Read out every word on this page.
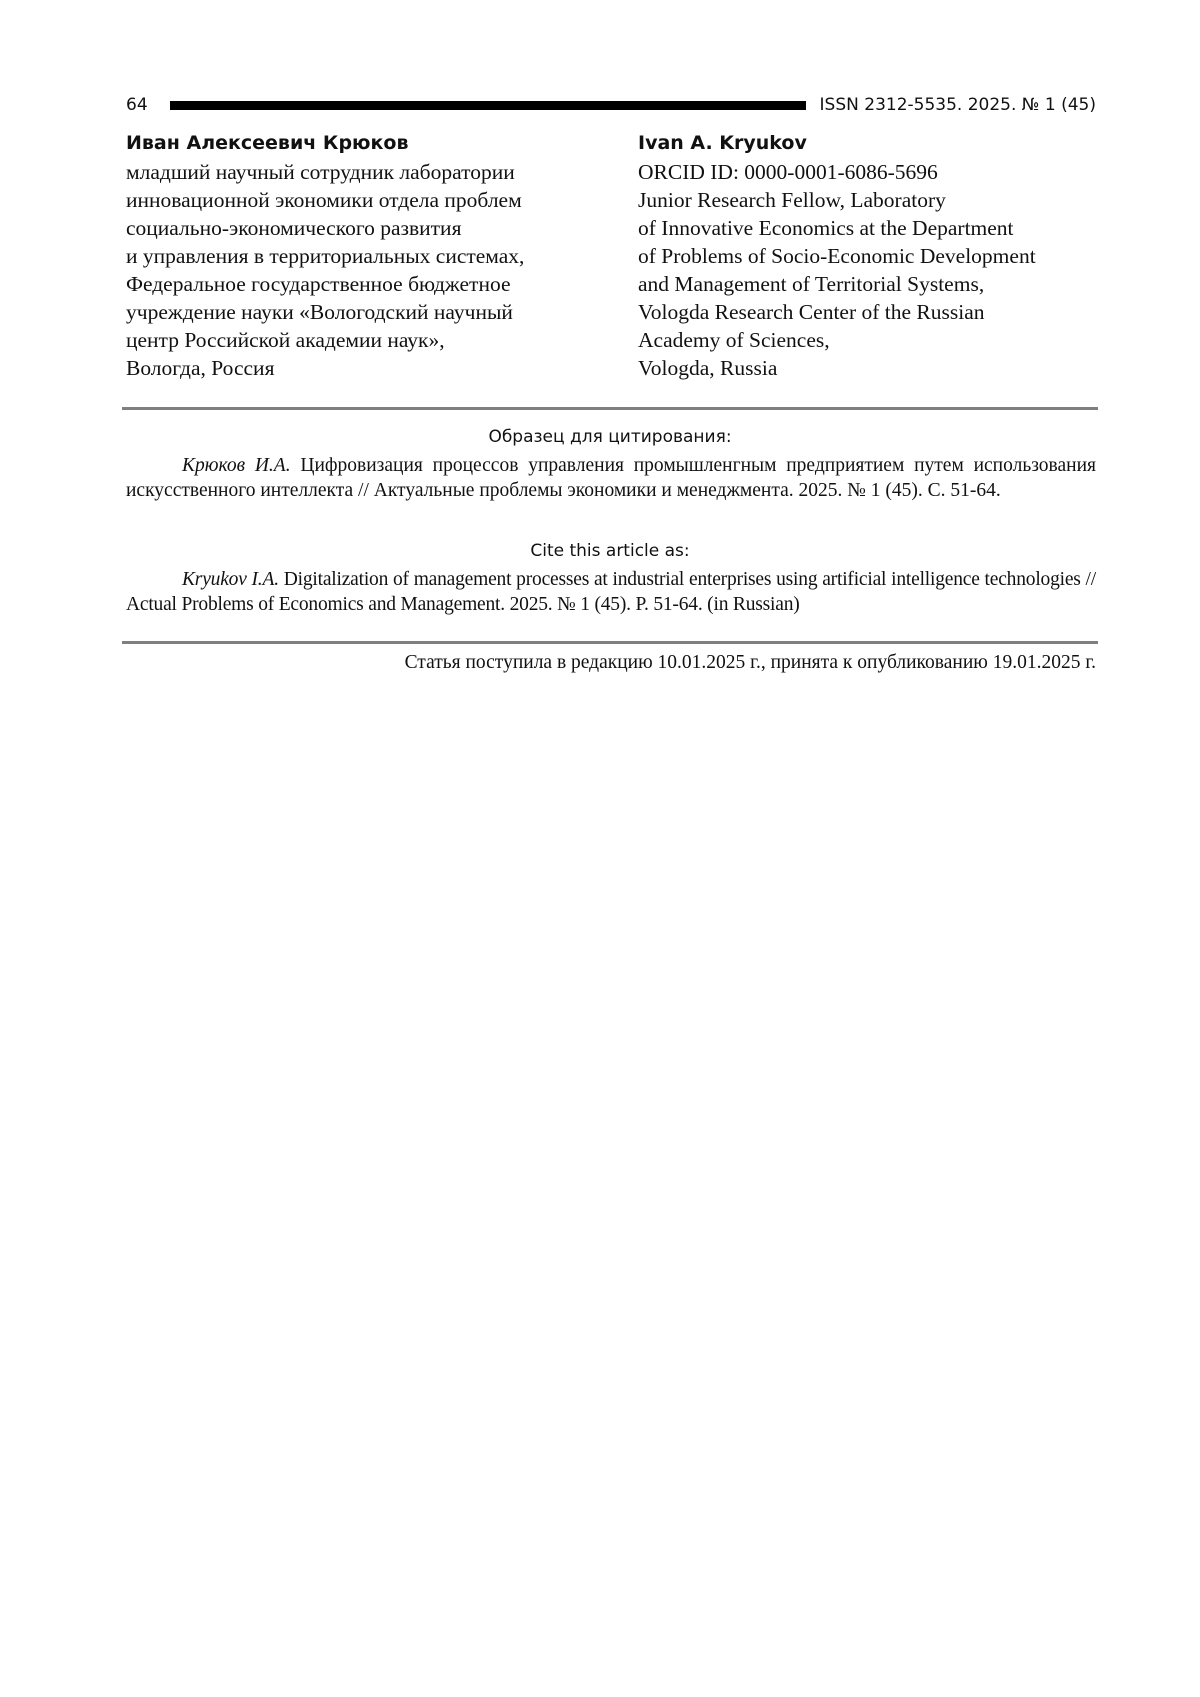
64	ISSN 2312-5535. 2025. № 1 (45)
Иван Алексеевич Крюков
младший научный сотрудник лаборатории
инновационной экономики отдела проблем
социально-экономического развития
и управления в территориальных системах,
Федеральное государственное бюджетное
учреждение науки «Вологодский научный
центр Российской академии наук»,
Вологда, Россия
Ivan A. Kryukov
ORCID ID: 0000-0001-6086-5696
Junior Research Fellow, Laboratory
of Innovative Economics at the Department
of Problems of Socio-Economic Development
and Management of Territorial Systems,
Vologda Research Center of the Russian
Academy of Sciences,
Vologda, Russia
Образец для цитирования:
Крюков И.А. Цифровизация процессов управления промышленгным предприятием путем использования искусственного интеллекта // Актуальные проблемы экономики и менеджмента. 2025. № 1 (45). С. 51-64.
Cite this article as:
Kryukov I.A. Digitalization of management processes at industrial enterprises using artificial intelligence technologies // Actual Problems of Economics and Management. 2025. № 1 (45). P. 51-64. (in Russian)
Статья поступила в редакцию 10.01.2025 г., принята к опубликованию 19.01.2025 г.
